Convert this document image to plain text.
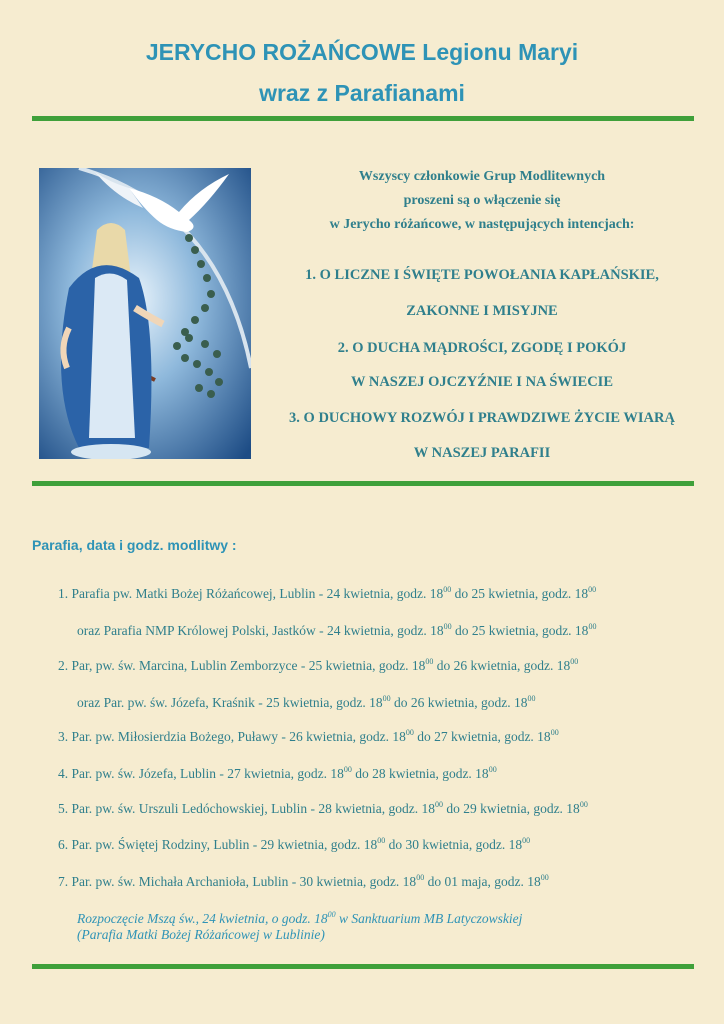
JERYCHO ROŻAŃCOWE Legionu Maryi
wraz z Parafianami
Wszyscy członkowie Grup Modlitewnych
proszeni są o włączenie się
w Jerycho różańcowe, w następujących intencjach:
1. O LICZNE I ŚWIĘTE POWOŁANIA KAPŁAŃSKIE,
ZAKONNE I MISYJNE
2. O DUCHA MĄDROŚCI, ZGODĘ I POKÓJ
W NASZEJ OJCZYŹNIE I NA ŚWIECIE
3. O DUCHOWY ROZWÓJ I PRAWDZIWE ŻYCIE WIARĄ
W NASZEJ PARAFII
Parafia, data i godz. modlitwy :
1. Parafia pw. Matki Bożej Różańcowej, Lublin - 24 kwietnia, godz. $18^{00}$ do 25 kwietnia, godz. $18^{00}$
oraz Parafia NMP Królowej Polski, Jastków - 24 kwietnia, godz. $18^{00}$ do 25 kwietnia, godz. $18^{00}$
2. Par, pw. św. Marcina, Lublin Zemborzyce - 25 kwietnia, godz. $18^{00}$ do 26 kwietnia, godz. $18^{00}$
oraz Par. pw. św. Józefa, Kraśnik - 25 kwietnia, godz. $18^{00}$ do 26 kwietnia, godz. $18^{00}$
3. Par. pw. Miłosierdzia Bożego, Puławy - 26 kwietnia, godz. $18^{00}$ do 27 kwietnia, godz. $18^{00}$
4. Par. pw. św. Józefa, Lublin - 27 kwietnia, godz. $18^{00}$ do 28 kwietnia, godz. $18^{00}$
5. Par. pw. św. Urszuli Ledóchowskiej, Lublin - 28 kwietnia, godz. $18^{00}$ do 29 kwietnia, godz. $18^{00}$
6. Par. pw. Świętej Rodziny, Lublin - 29 kwietnia, godz. $18^{00}$ do 30 kwietnia, godz. $18^{00}$
7. Par. pw. św. Michała Archanioła, Lublin - 30 kwietnia, godz. $18^{00}$ do 01 maja, godz. $18^{00}$
Rozpoczęcie Mszą św., 24 kwietnia, o godz. $18^{00}$ w Sanktuarium MB Latyczowskiej
(Parafia Matki Bożej Różańcowej w Lublinie)
